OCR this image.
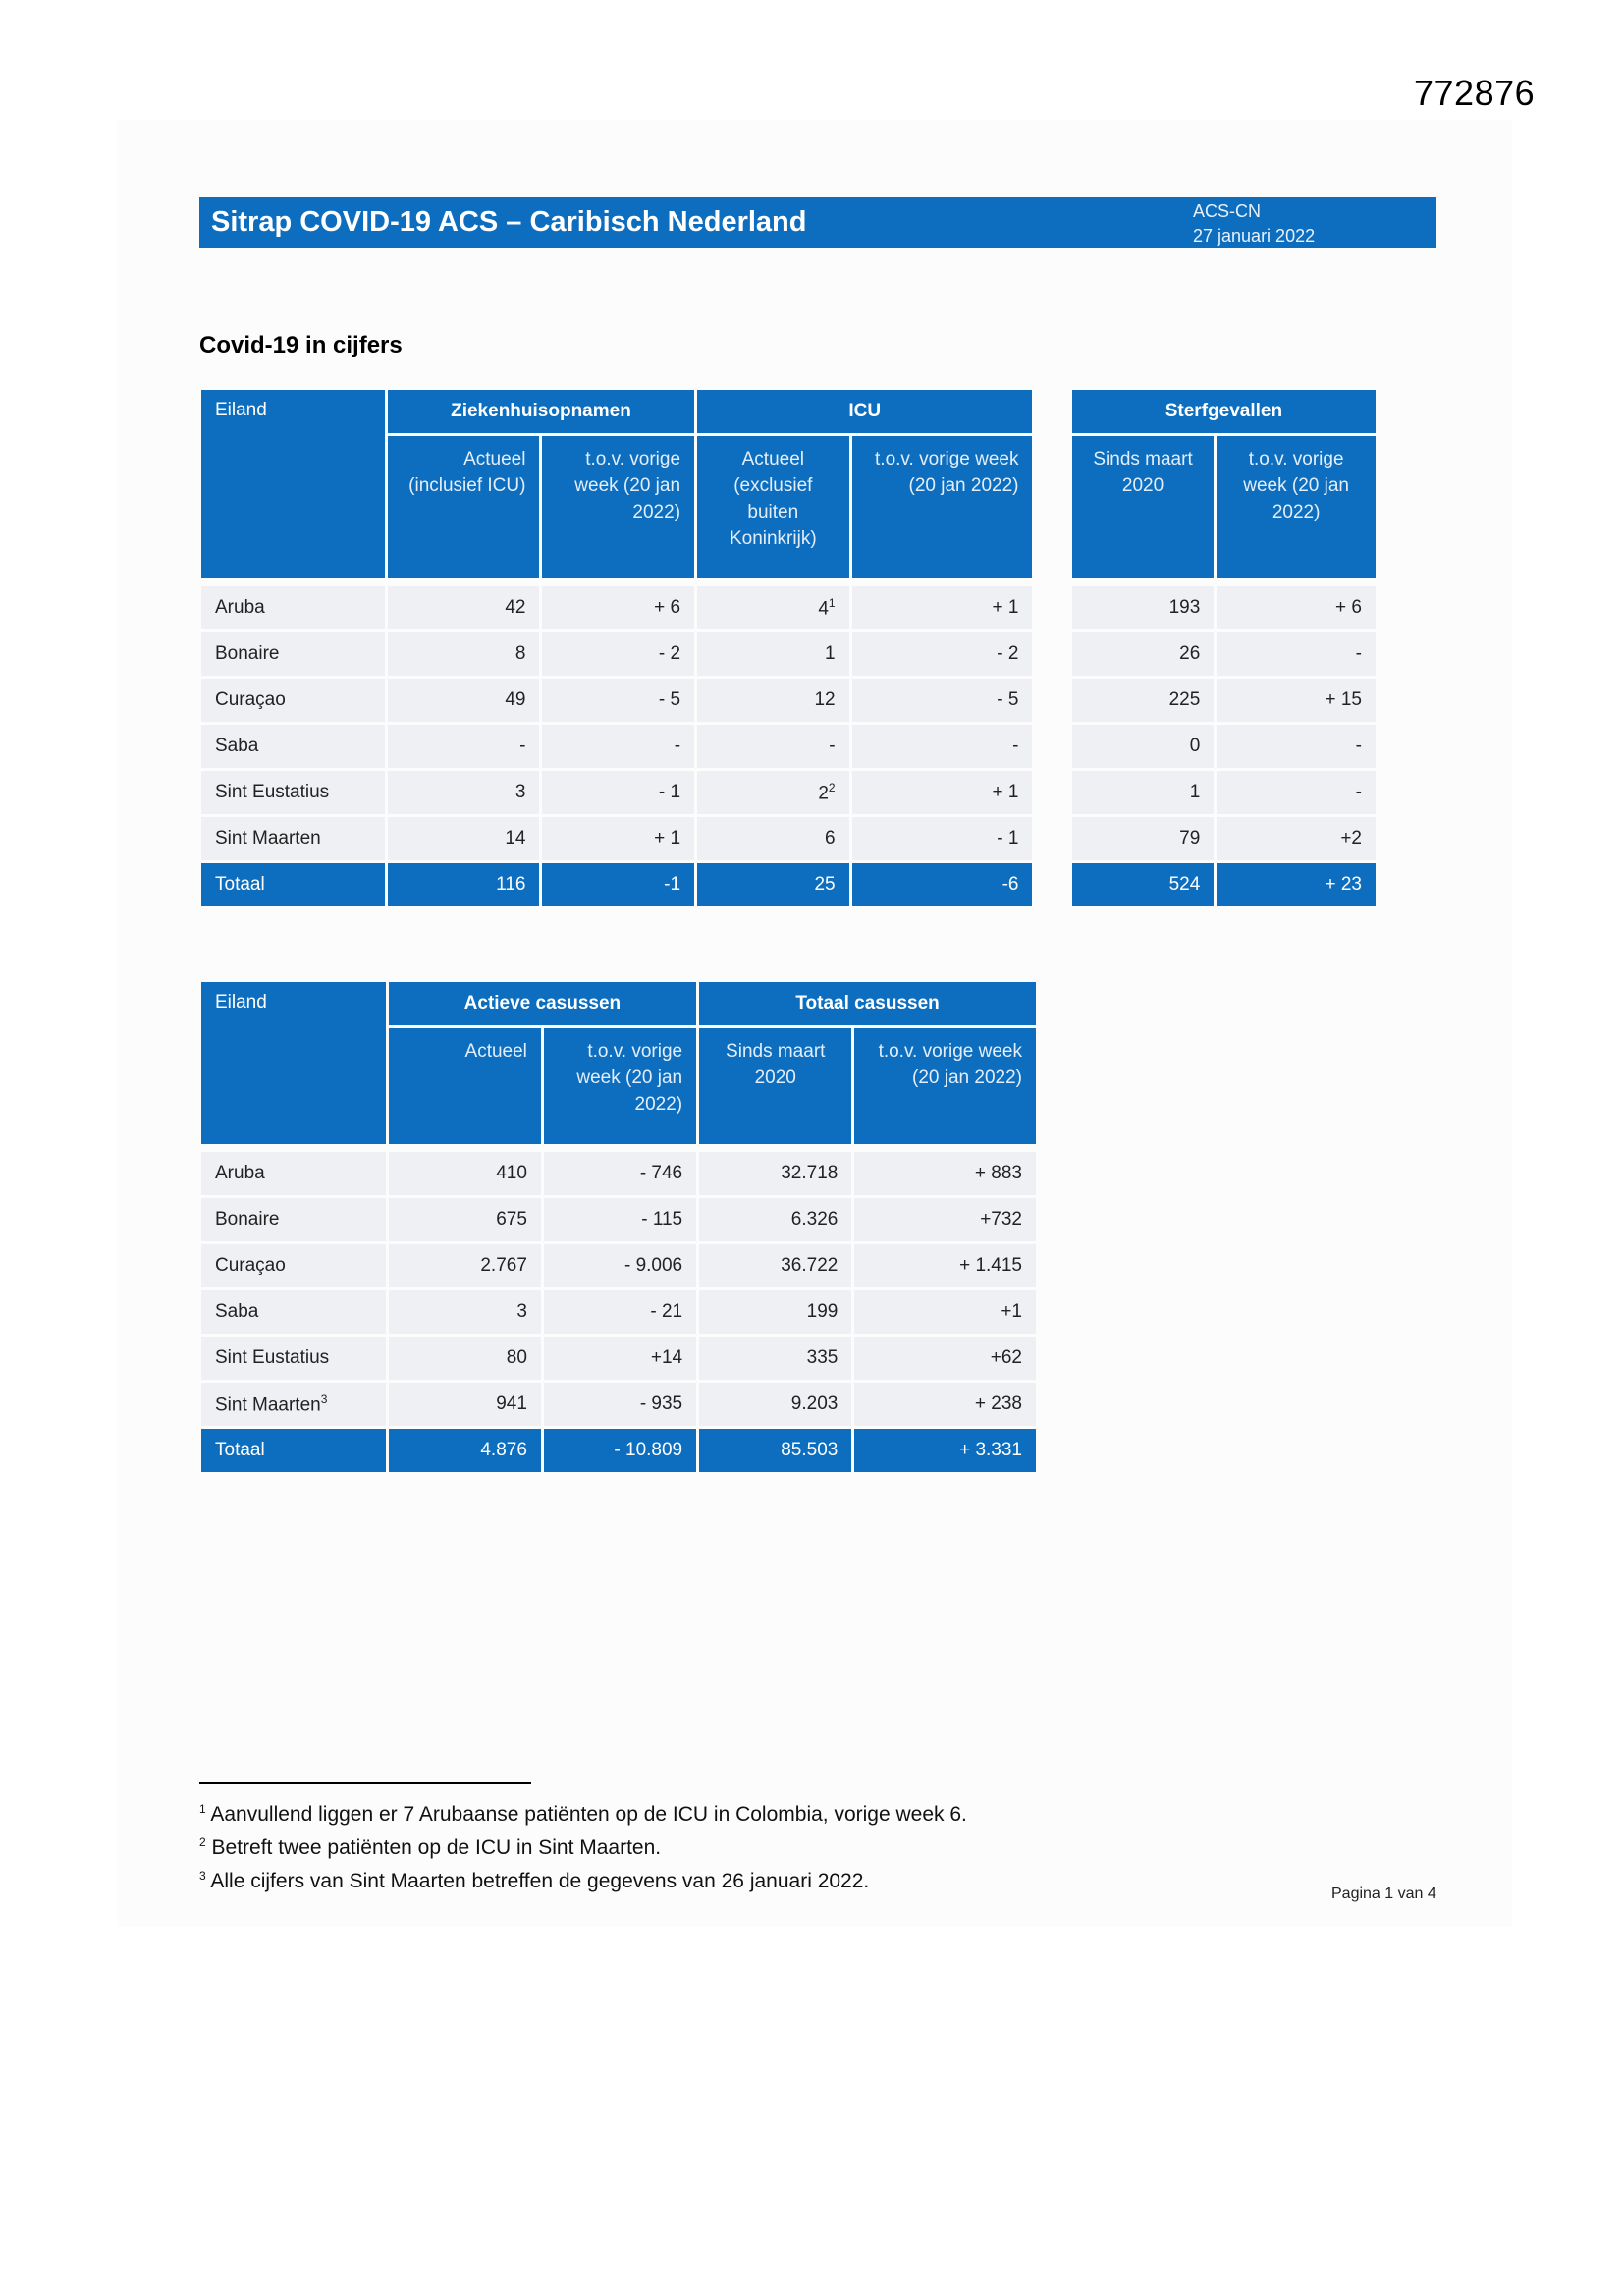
772876
Sitrap COVID-19 ACS – Caribisch Nederland	ACS-CN
27 januari 2022
Covid-19 in cijfers
Eiland	Ziekenhuisopnamen		ICU			Sterfgevallen	
	Actueel (inclusief ICU)	t.o.v. vorige week (20 jan 2022)	Actueel (exclusief buiten Koninkrijk)	t.o.v. vorige week (20 jan 2022)		Sinds maart 2020	t.o.v. vorige week (20 jan 2022)

Aruba	42	+ 6	$4^1$	+ 1		193	+ 6
Bonaire	8	- 2	1	- 2		26	-
Curaçao	49	- 5	12	- 5		225	+ 15
Saba	-	-	-	-		0	-
Sint Eustatius	3	- 1	$2^2$	+ 1		1	-
Sint Maarten	14	+ 1	6	- 1		79	+2
Totaal	116	-1	25	-6		524	+ 23
Eiland	Actieve casussen		Totaal casussen	
	Actueel	t.o.v. vorige week (20 jan 2022)	Sinds maart 2020	t.o.v. vorige week (20 jan 2022)

Aruba	410	- 746	32.718	+ 883
Bonaire	675	- 115	6.326	+732
Curaçao	2.767	- 9.006	36.722	+ 1.415
Saba	3	- 21	199	+1
Sint Eustatius	80	+14	335	+62
Sint Maarten$^3$	941	- 935	9.203	+ 238
Totaal	4.876	- 10.809	85.503	+ 3.331
$^1$ Aanvullend liggen er 7 Arubaanse patiënten op de ICU in Colombia, vorige week 6.
$^2$ Betreft twee patiënten op de ICU in Sint Maarten.
$^3$ Alle cijfers van Sint Maarten betreffen de gegevens van 26 januari 2022.
Pagina 1 van 4
